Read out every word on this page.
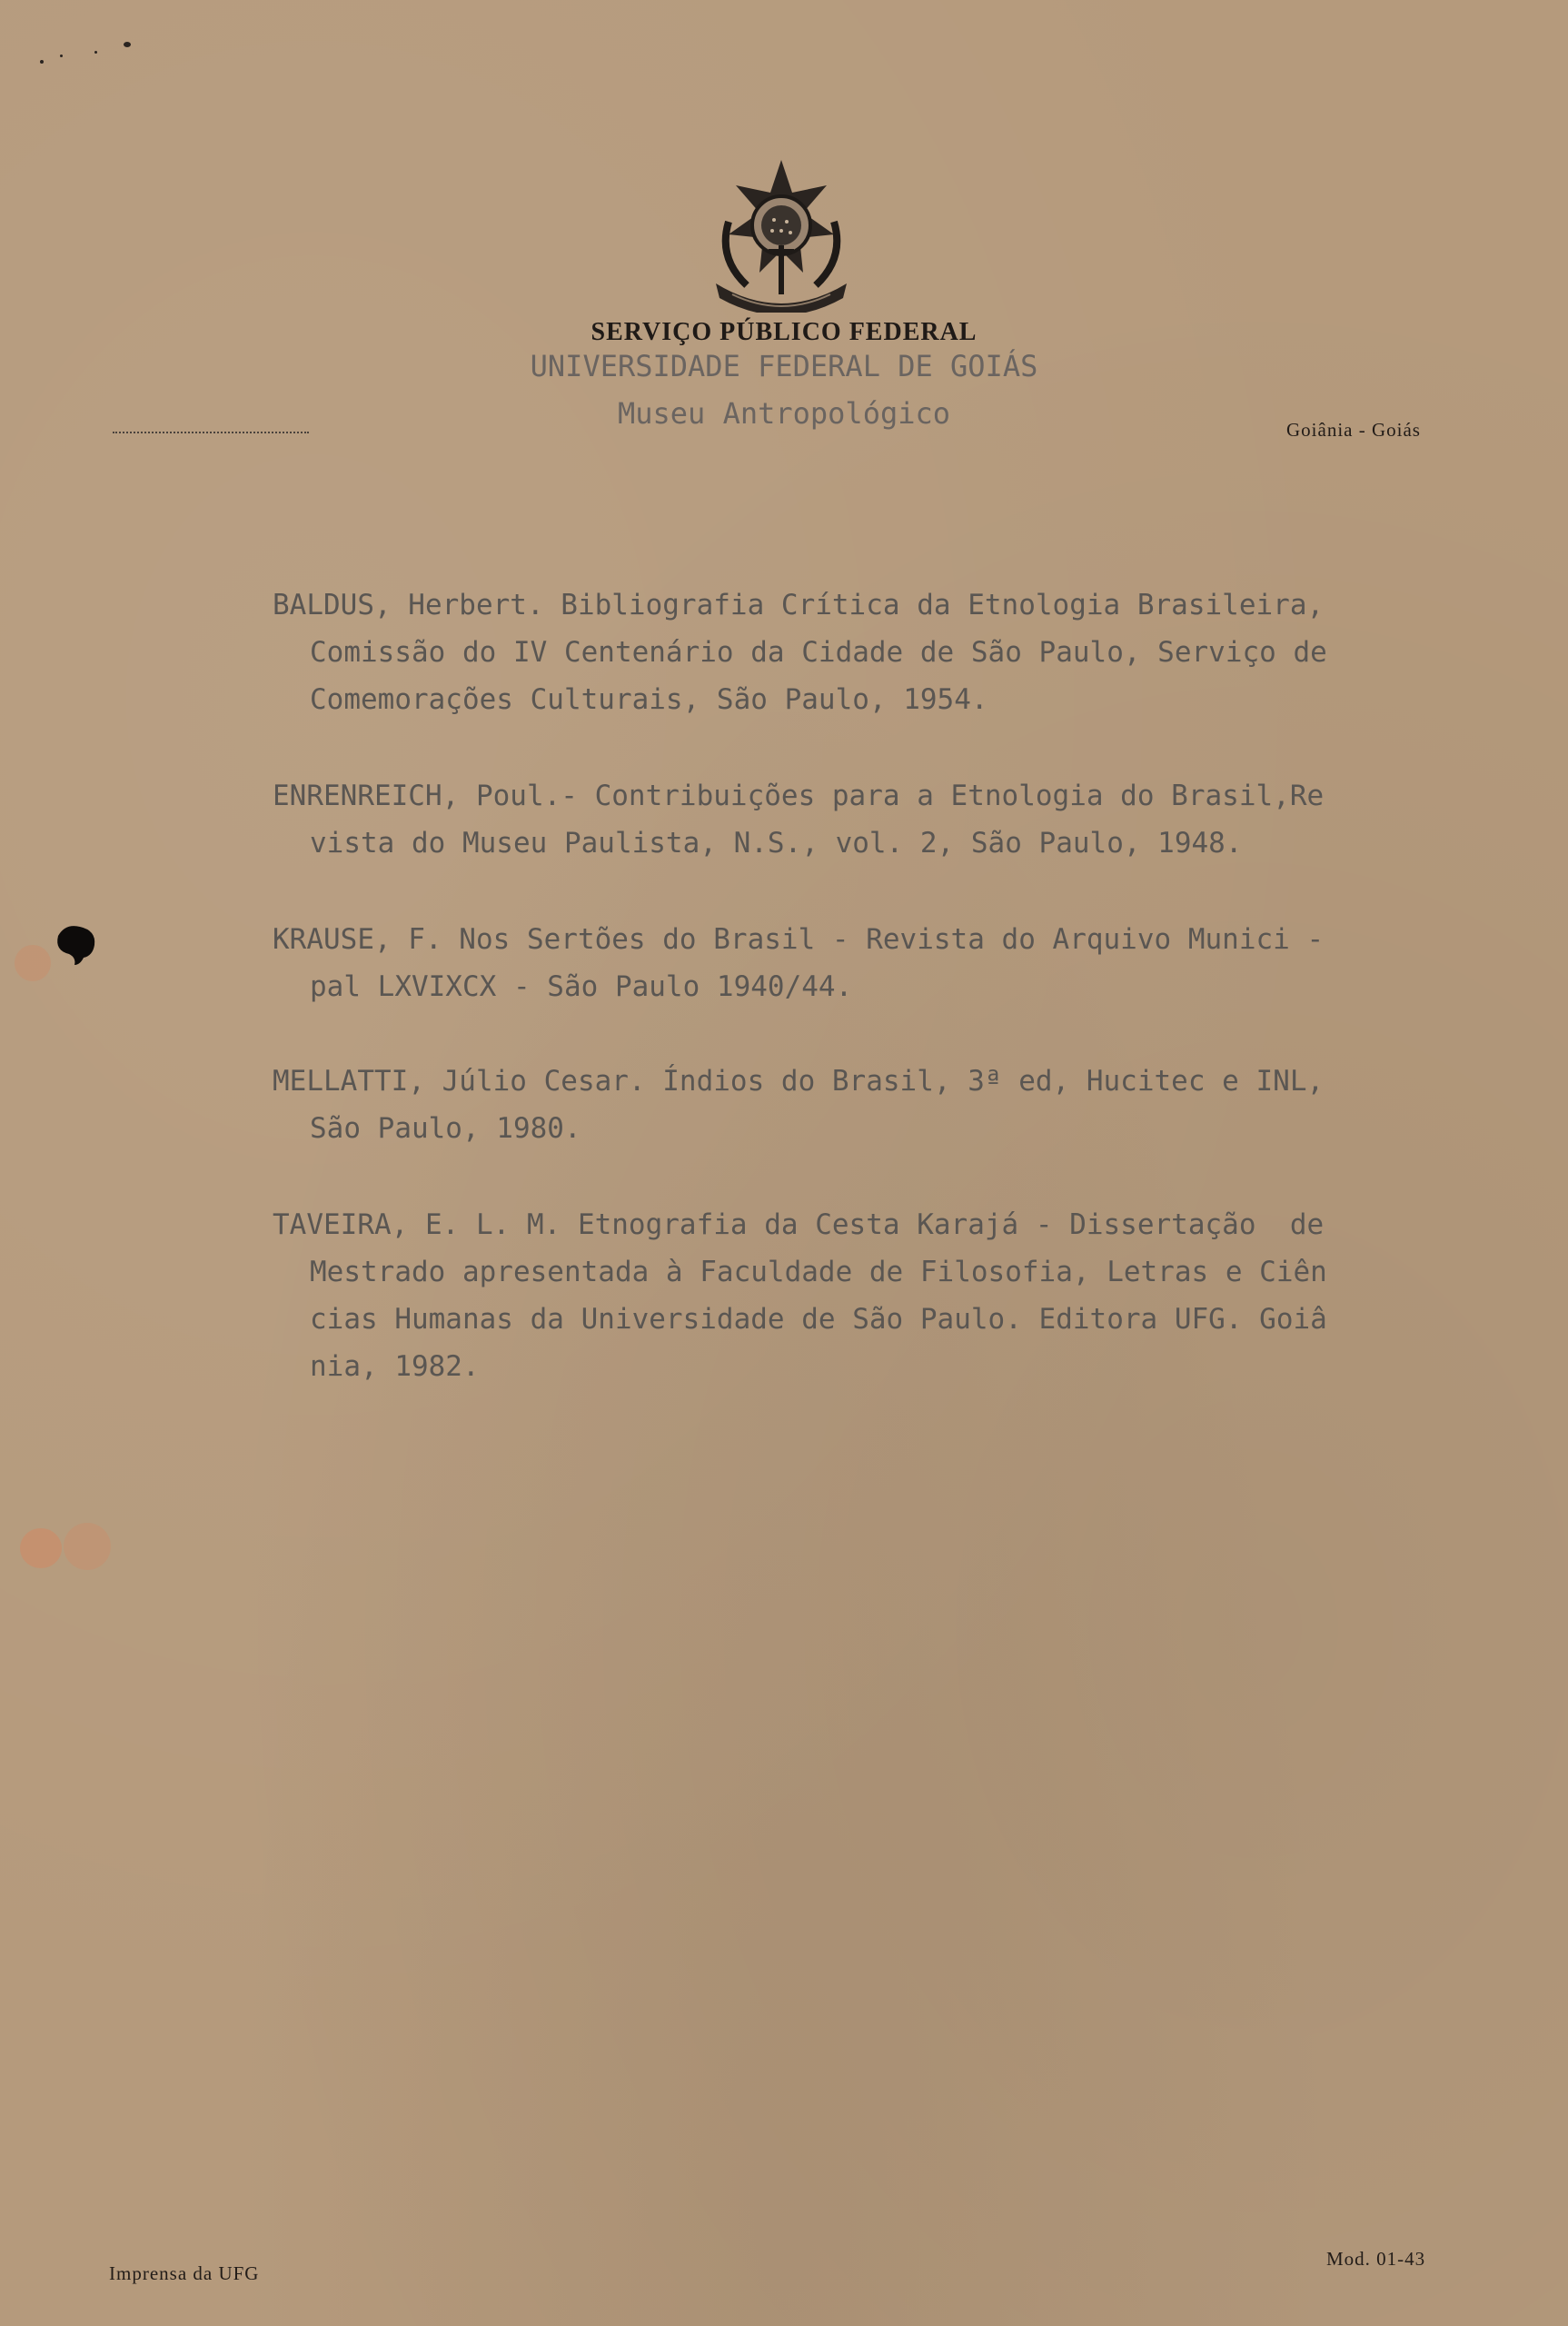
SERVIÇO PÚBLICO FEDERAL
UNIVERSIDADE FEDERAL DE GOIÁS
Museu Antropológico	Goiânia - Goiás
BALDUS, Herbert. Bibliografia Crítica da Etnologia Brasileira,
Comissão do IV Centenário da Cidade de São Paulo, Serviço de
Comemorações Culturais, São Paulo, 1954.
ENRENREICH, Poul.- Contribuições para a Etnologia do Brasil,Re
vista do Museu Paulista, N.S., vol. 2, São Paulo, 1948.
KRAUSE, F. Nos Sertões do Brasil - Revista do Arquivo Munici -
pal LXVIXCX - São Paulo 1940/44.
MELLATTI, Júlio Cesar. Índios do Brasil, 3ª ed, Hucitec e INL,
São Paulo, 1980.
TAVEIRA, E. L. M. Etnografia da Cesta Karajá - Dissertação  de
Mestrado apresentada à Faculdade de Filosofia, Letras e Ciên
cias Humanas da Universidade de São Paulo. Editora UFG. Goiâ
nia, 1982.
Imprensa da UFG
Mod. 01-43
